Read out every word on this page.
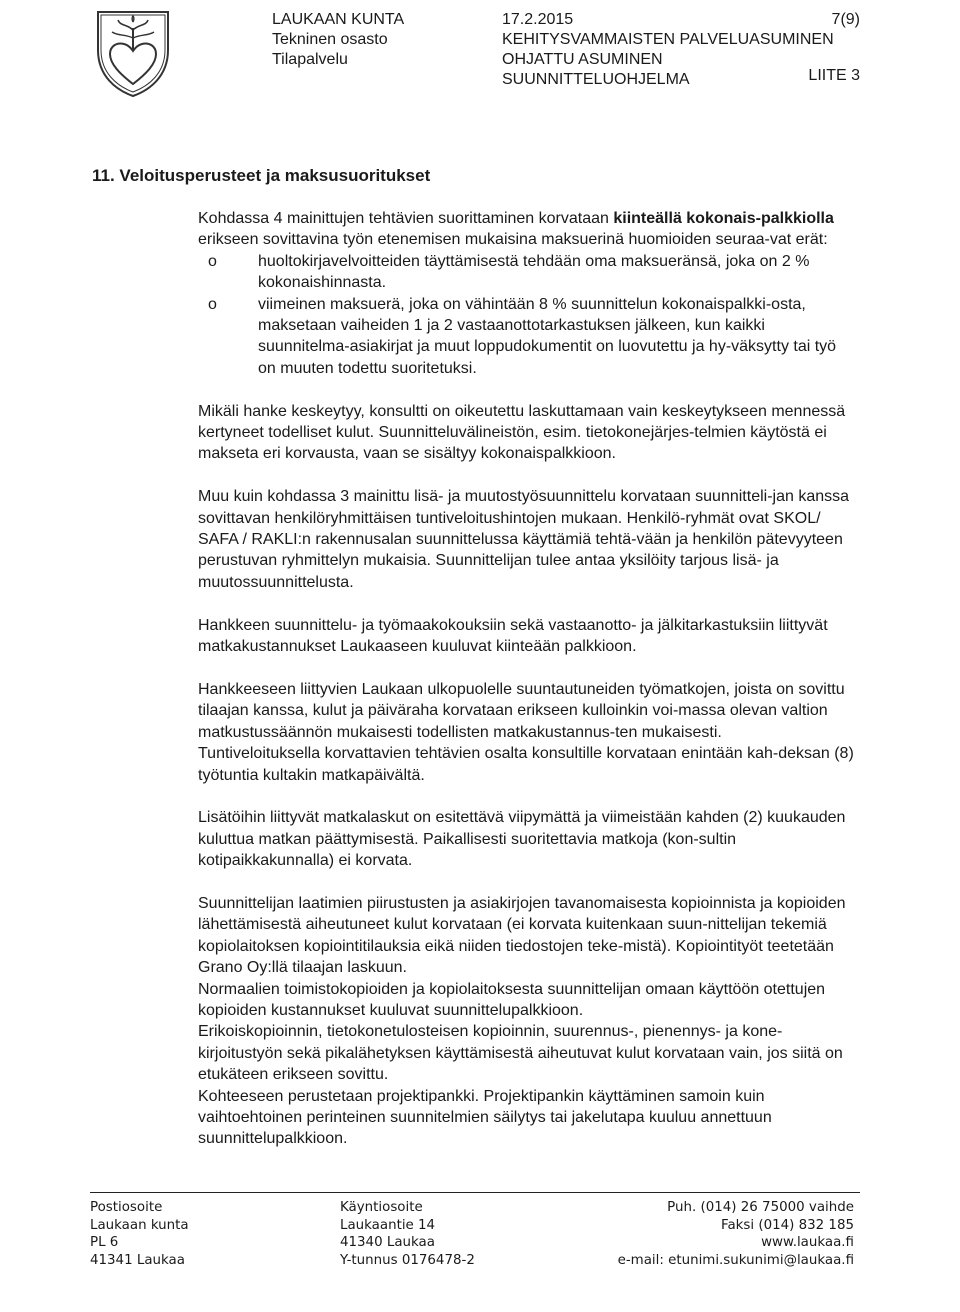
LAUKAAN KUNTA
Tekninen osasto
Tilapalvelu
17.2.2015
KEHITYSVAMMAISTEN PALVELUASUMINEN
OHJATTU ASUMINEN
SUUNNITTELUOHJELMA
7(9)
LIITE 3
11. Veloitusperusteet ja maksusuoritukset

Kohdassa 4 mainittujen tehtävien suorittaminen korvataan kiinteällä kokonais-palkkiolla erikseen sovittavina työn etenemisen mukaisina maksuerinä huomioiden seuraa-vat erät:

o	huoltokirjavelvoitteiden täyttämisestä tehdään oma maksueränsä, joka on 2 % kokonaishinnasta.
o	viimeinen maksuerä, joka on vähintään 8 % suunnittelun kokonaispalkki-osta, maksetaan vaiheiden 1 ja 2 vastaanottotarkastuksen jälkeen, kun kaikki suunnitelma-asiakirjat ja muut loppudokumentit on luovutettu ja hy-väksytty tai työ on muuten todettu suoritetuksi.

Mikäli hanke keskeytyy, konsultti on oikeutettu laskuttamaan vain keskeytykseen mennessä kertyneet todelliset kulut. Suunnitteluvälineistön, esim. tietokonejärjes-telmien käytöstä ei makseta eri korvausta, vaan se sisältyy kokonaispalkkioon.

Muu kuin kohdassa 3 mainittu lisä- ja muutostyösuunnittelu korvataan suunnitteli-jan kanssa sovittavan henkilöryhmittäisen tuntiveloitushintojen mukaan. Henkilö-ryhmät ovat SKOL/ SAFA / RAKLI:n rakennusalan suunnittelussa käyttämiä tehtä-vään ja henkilön pätevyyteen perustuvan ryhmittelyn mukaisia. Suunnittelijan tulee antaa yksilöity tarjous lisä- ja muutossuunnittelusta.

Hankkeen suunnittelu- ja työmaakokouksiin sekä vastaanotto- ja jälkitarkastuksiin liittyvät matkakustannukset Laukaaseen kuuluvat kiinteään palkkioon.

Hankkeeseen liittyvien Laukaan ulkopuolelle suuntautuneiden työmatkojen, joista on sovittu tilaajan kanssa, kulut ja päiväraha korvataan erikseen kulloinkin voi-massa olevan valtion matkustussäännön mukaisesti todellisten matkakustannus-ten mukaisesti.

Tuntiveloituksella korvattavien tehtävien osalta konsultille korvataan enintään kah-deksan (8) työtuntia kultakin matkapäivältä.

Lisätöihin liittyvät matkalaskut on esitettävä viipymättä ja viimeistään kahden (2) kuukauden kuluttua matkan päättymisestä. Paikallisesti suoritettavia matkoja (kon-sultin kotipaikkakunnalla) ei korvata.

Suunnittelijan laatimien piirustusten ja asiakirjojen tavanomaisesta kopioinnista ja kopioiden lähettämisestä aiheutuneet kulut korvataan (ei korvata kuitenkaan suun-nittelijan tekemiä kopiolaitoksen kopiointitilauksia eikä niiden tiedostojen teke-mistä). Kopiointityöt teetetään Grano Oy:llä tilaajan laskuun.

Normaalien toimistokopioiden ja kopiolaitoksesta suunnittelijan omaan käyttöön otettujen kopioiden kustannukset kuuluvat suunnittelupalkkioon.

Erikoiskopioinnin, tietokonetulosteisen kopioinnin, suurennus-, pienennys- ja kone-kirjoitustyön sekä pikalähetyksen käyttämisestä aiheutuvat kulut korvataan vain, jos siitä on etukäteen erikseen sovittu.

Kohteeseen perustetaan projektipankki. Projektipankin käyttäminen samoin kuin vaihtoehtoinen perinteinen suunnitelmien säilytys tai jakelutapa kuuluu annettuun suunnittelupalkkioon.

Postiosoite
Laukaan kunta
PL 6
41341 Laukaa
Käyntiosoite
Laukaantie 14
41340 Laukaa
Y-tunnus 0176478-2
Puh. (014) 26 75000 vaihde
Faksi (014) 832 185
www.laukaa.fi
e-mail: etunimi.sukunimi@laukaa.fi
